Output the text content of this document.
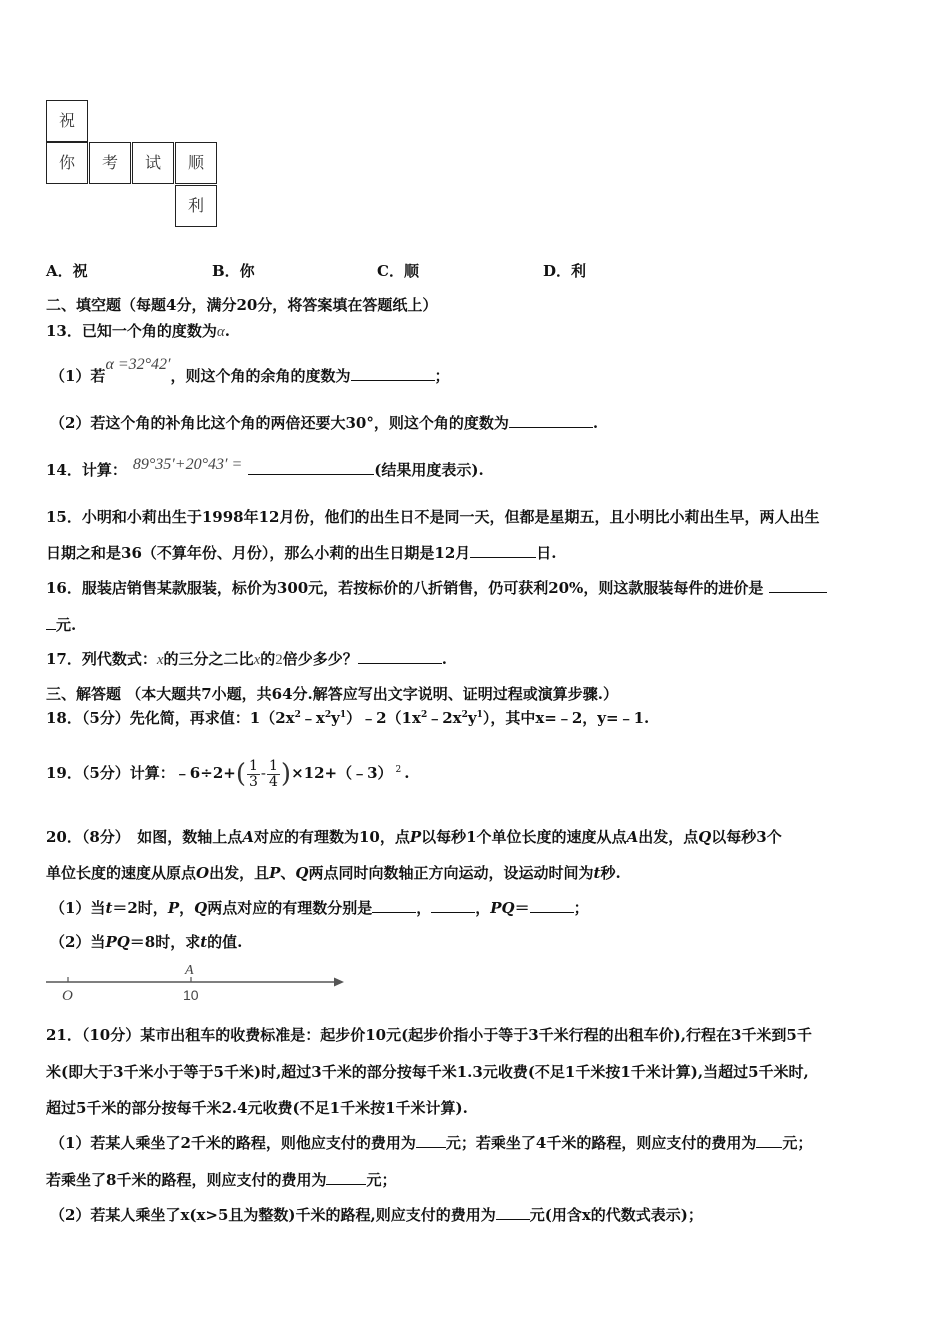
祝
你	考	试	顺
利
A．祝	B．你	C．顺	D．利
二、填空题（每题4分，满分20分，将答案填在答题纸上）
13．已知一个角的度数为α.
（1）若α =32°42′，则这个角的余角的度数为	；
（2）若这个角的补角比这个角的两倍还要大30°，则这个角的度数为	.
14．计算： 89°35′+20°43′ =	(结果用度表示).
15．小明和小莉出生于1998年12月份，他们的出生日不是同一天，但都是星期五，且小明比小莉出生早，两人出生
日期之和是36（不算年份、月份），那么小莉的出生日期是12月	日.
16．服装店销售某款服装，标价为300元，若按标价的八折销售，仍可获利20%，则这款服装每件的进价是
元.
17．列代数式：x的三分之二比x的2倍少多少？	.
三、解答题 （本大题共7小题，共64分.解答应写出文字说明、证明过程或演算步骤.）
18．（5分）先化简，再求值：$1(2x^2﹣x^2y^1)﹣2(1x^2﹣2x^2y^1)$，其中x=﹣2，y=﹣1.
19．（5分）计算：﹣6÷2+( $\frac{1}{3} - \frac{1}{4}$ )×12+（﹣3） $^2$ .
20．（8分）　如图，数轴上点A对应的有理数为10，点P以每秒1个单位长度的速度从点A出发，点Q以每秒3个
单位长度的速度从原点O出发，且P、Q两点同时向数轴正方向运动，设运动时间为t秒.
（1）当t＝2时，P，Q两点对应的有理数分别是	，	，PQ＝	；
（2）当PQ＝8时，求t的值.
O
A
10
21．（10分）某市出租车的收费标准是：起步价10元(起步价指小于等于3千米行程的出租车价),行程在3千米到5千
米(即大于3千米小于等于5千米)时,超过3千米的部分按每千米1.3元收费(不足1千米按1千米计算),当超过5千米时,
超过5千米的部分按每千米2.4元收费(不足1千米按1千米计算).
（1）若某人乘坐了2千米的路程，则他应支付的费用为 元；若乘坐了4千米的路程，则应支付的费用为 元；
若乘坐了8千米的路程，则应支付的费用为	元；
（2）若某人乘坐了x(x>5且为整数)千米的路程,则应支付的费用为 元(用含x的代数式表示)；
